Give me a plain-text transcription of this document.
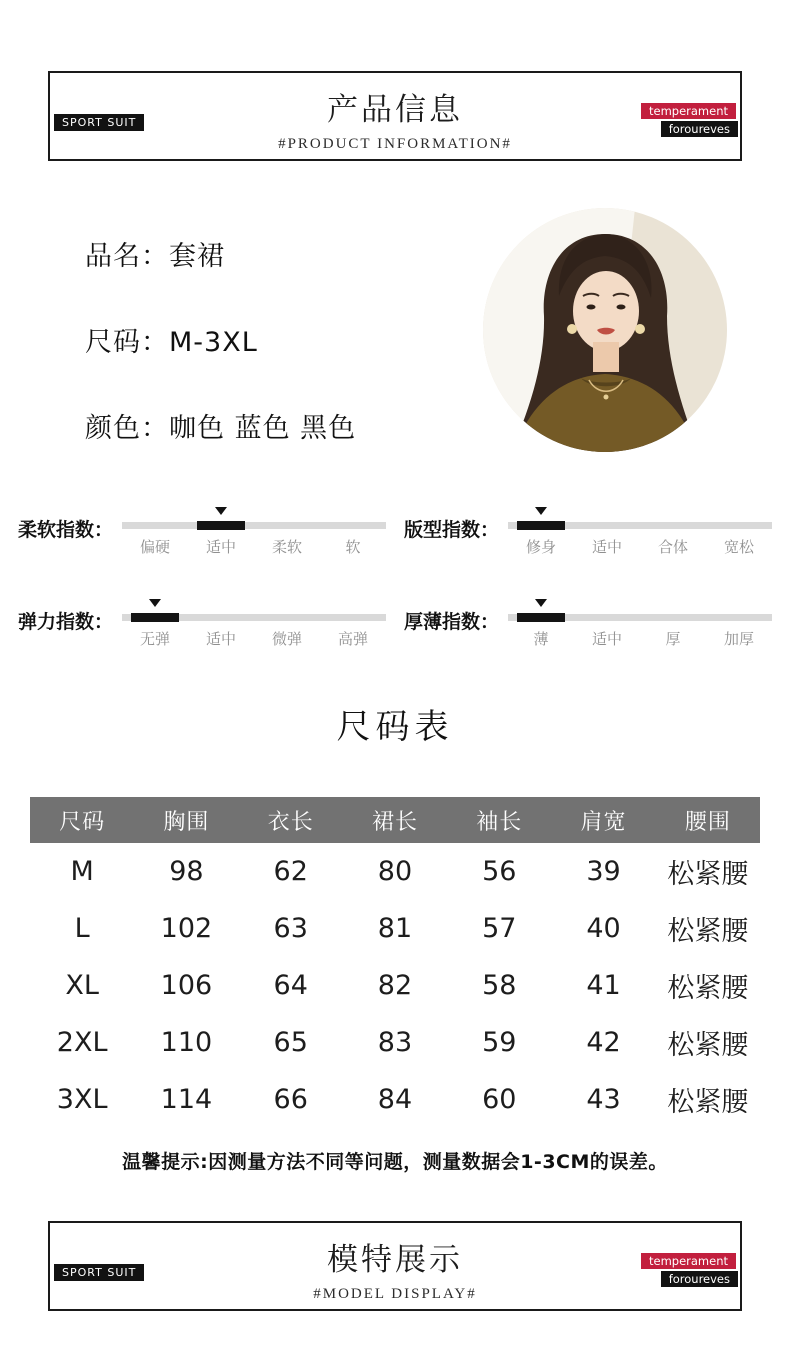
产品信息
#PRODUCT INFORMATION#
SPORT SUIT
temperament
foroureves
品名：套裙
尺码：M-3XL
颜色：咖色 蓝色 黑色
柔软指数：
偏硬	适中	柔软	软
版型指数：
修身	适中	合体	宽松
弹力指数：
无弹	适中	微弹	高弹
厚薄指数：
薄	适中	厚	加厚
尺码表
尺码	胸围	衣长	裙长	袖长	肩宽	腰围
M	98	62	80	56	39	松紧腰
L	102	63	81	57	40	松紧腰
XL	106	64	82	58	41	松紧腰
2XL	110	65	83	59	42	松紧腰
3XL	114	66	84	60	43	松紧腰
温馨提示:因测量方法不同等问题，测量数据会1-3CM的误差。
模特展示
#MODEL DISPLAY#
SPORT SUIT
temperament
foroureves
